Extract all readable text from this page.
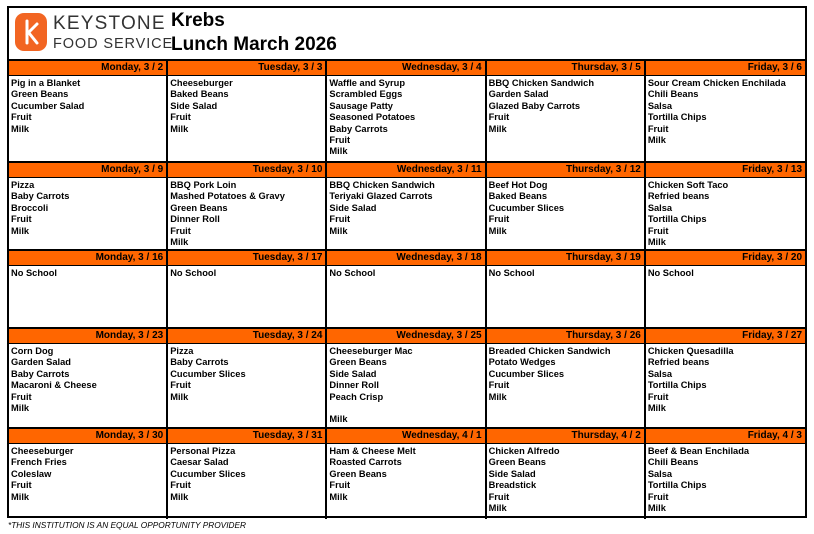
KEYSTONE
FOOD SERVICE
Krebs
Lunch March 2026
Monday, 3 / 2
Pig in a Blanket
Green Beans
Cucumber Salad
Fruit
Milk
Tuesday, 3 / 3
Cheeseburger
Baked Beans
Side Salad
Fruit
Milk
Wednesday, 3 / 4
Waffle and Syrup
Scrambled Eggs
Sausage Patty
Seasoned Potatoes
Baby Carrots
Fruit
Milk
Thursday, 3 / 5
BBQ Chicken Sandwich
Garden Salad
Glazed Baby Carrots
Fruit
Milk
Friday, 3 / 6
Sour Cream Chicken Enchilada
Chili Beans
Salsa
Tortilla Chips
Fruit
Milk
Monday, 3 / 9
Pizza
Baby Carrots
Broccoli
Fruit
Milk
Tuesday, 3 / 10
BBQ Pork Loin
Mashed Potatoes & Gravy
Green Beans
Dinner Roll
Fruit
Milk
Wednesday, 3 / 11
BBQ Chicken Sandwich
Teriyaki Glazed Carrots
Side Salad
Fruit
Milk
Thursday, 3 / 12
Beef Hot Dog
Baked Beans
Cucumber Slices
Fruit
Milk
Friday, 3 / 13
Chicken Soft Taco
Refried beans
Salsa
Tortilla Chips
Fruit
Milk
Monday, 3 / 16
No School
Tuesday, 3 / 17
No School
Wednesday, 3 / 18
No School
Thursday, 3 / 19
No School
Friday, 3 / 20
No School
Monday, 3 / 23
Corn Dog
Garden Salad
Baby Carrots
Macaroni & Cheese
Fruit
Milk
Tuesday, 3 / 24
Pizza
Baby Carrots
Cucumber Slices
Fruit
Milk
Wednesday, 3 / 25
Cheeseburger Mac
Green Beans
Side Salad
Dinner Roll
Peach Crisp
Milk
Thursday, 3 / 26
Breaded Chicken Sandwich
Potato Wedges
Cucumber Slices
Fruit
Milk
Friday, 3 / 27
Chicken Quesadilla
Refried beans
Salsa
Tortilla Chips
Fruit
Milk
Monday, 3 / 30
Cheeseburger
French Fries
Coleslaw
Fruit
Milk
Tuesday, 3 / 31
Personal Pizza
Caesar Salad
Cucumber Slices
Fruit
Milk
Wednesday, 4 / 1
Ham & Cheese Melt
Roasted Carrots
Green Beans
Fruit
Milk
Thursday, 4 / 2
Chicken Alfredo
Green Beans
Side Salad
Breadstick
Fruit
Milk
Friday, 4 / 3
Beef & Bean Enchilada
Chili Beans
Salsa
Tortilla Chips
Fruit
Milk
*THIS INSTITUTION IS AN EQUAL OPPORTUNITY PROVIDER
